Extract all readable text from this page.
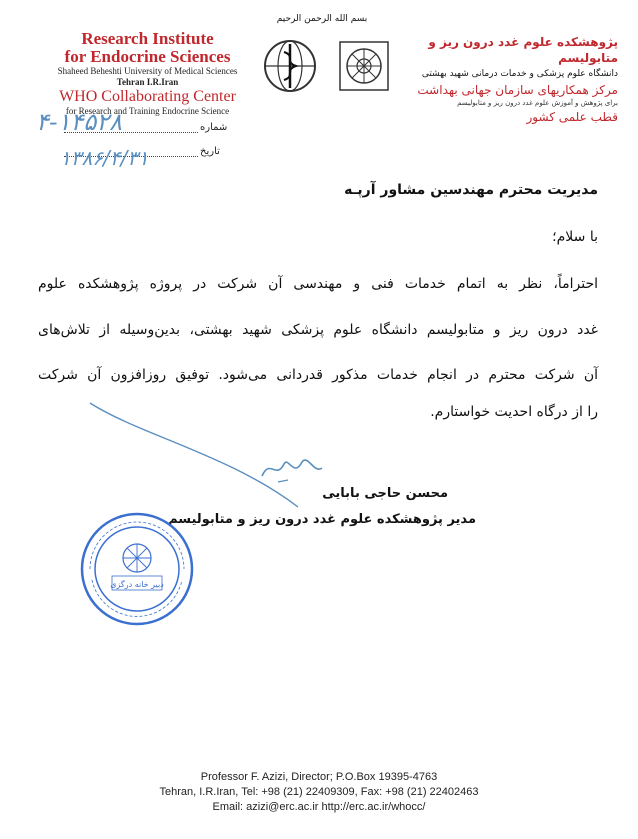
Research Institute
for Endocrine Sciences
Shaheed Beheshti University of Medical Sciences
Tehran I.R.Iran
WHO Collaborating Center
for Research and Training Endocrine Science
بسم الله الرحمن الرحيم
پژوهشکده علوم غدد درون ریز و متابولیسم
دانشگاه علوم پزشکی و خدمات درمانی شهید بهشتی
مرکز همکاریهای سازمان جهانی بهداشت
برای پژوهش و آموزش علوم غدد درون ریز و متابولیسم
قطب علمی کشور
شماره
تاریخ
۴-۱۴۵۲۸
۱۳۸۶/۴/۳۱
مدیریت محترم مهندسین مشاور آرپـه
با سلام؛
احتراماً، نظر به اتمام خدمات فنی و مهندسی آن شرکت در پروژه پژوهشکده علوم
غدد درون ریز و متابولیسم دانشگاه علوم پزشکی شهید بهشتی، بدین‌وسیله از تلاش‌های
آن شرکت محترم در انجام خدمات مذکور قدردانی می‌شود. توفیق روزافزون آن شرکت
را از درگاه احدیت خواستارم.
محسن حاجی بابایی
مدیر پژوهشکده علوم غدد درون ریز و متابولیسم
دبیر خانه درگزی
Professor F. Azizi, Director; P.O.Box 19395-4763
Tehran, I.R.Iran, Tel: +98 (21) 22409309, Fax: +98 (21) 22402463
Email: azizi@erc.ac.ir http://erc.ac.ir/whocc/
